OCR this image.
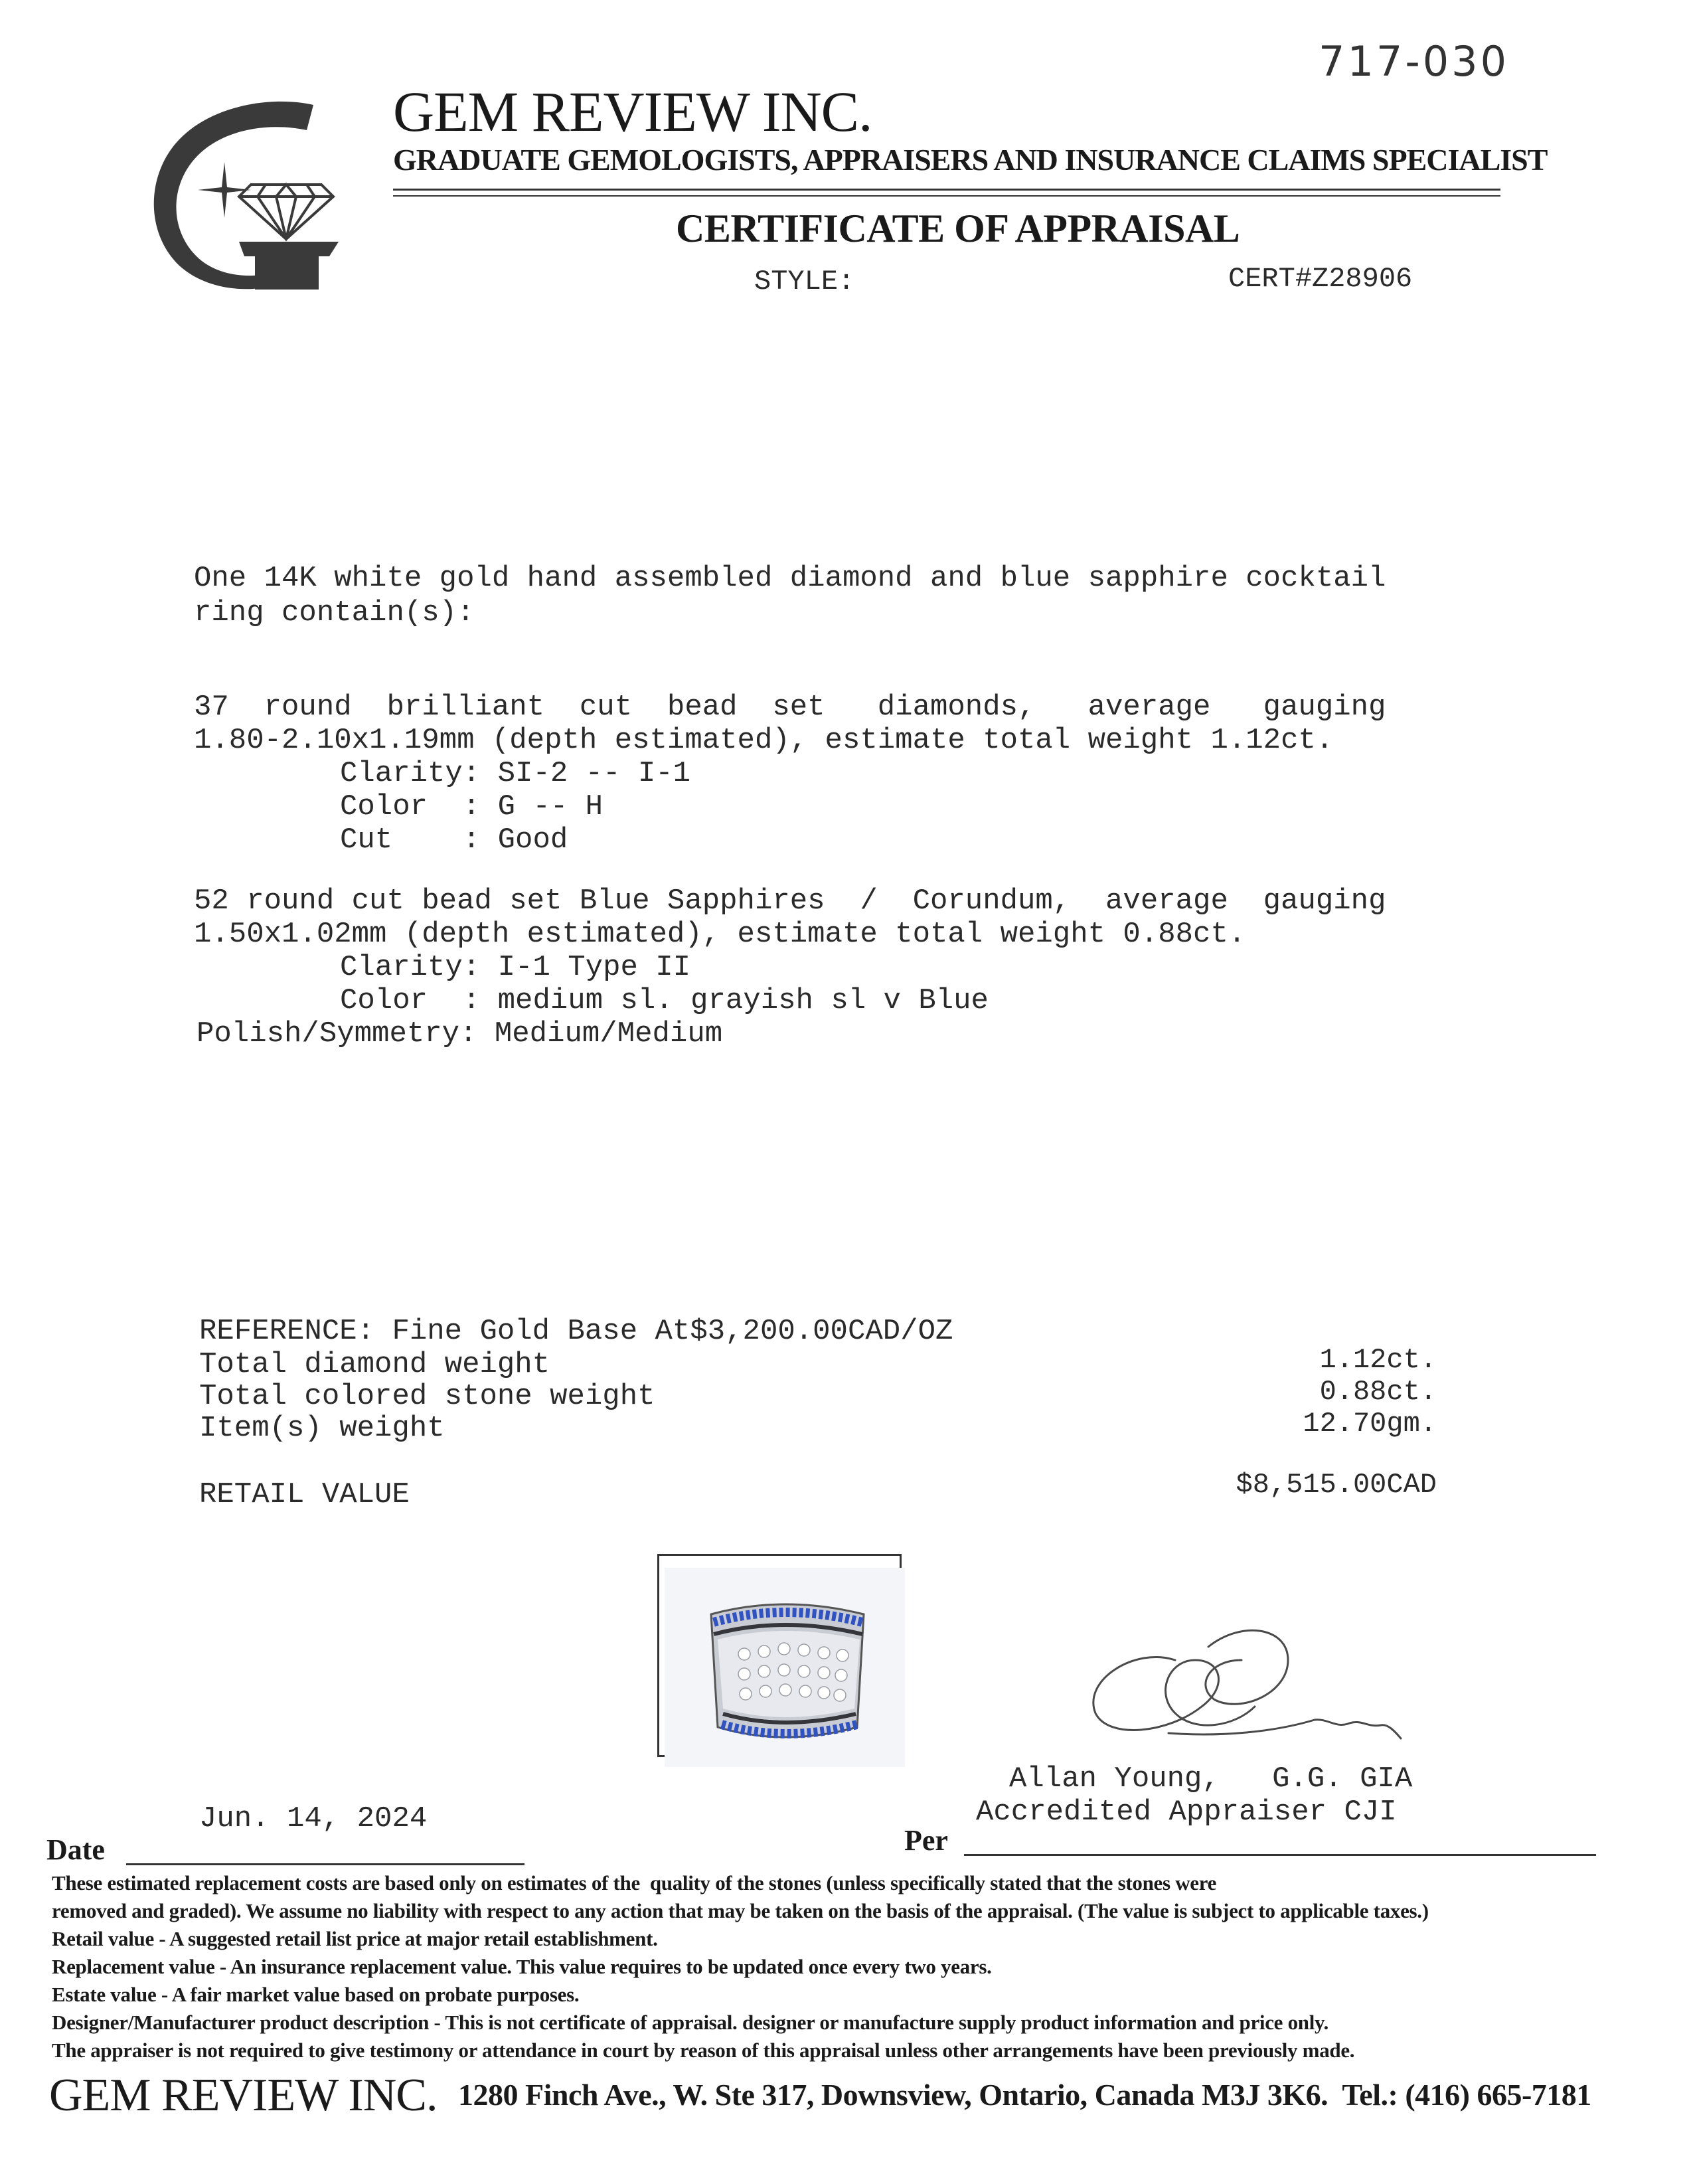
717-030
GEM REVIEW INC.
GRADUATE GEMOLOGISTS, APPRAISERS AND INSURANCE CLAIMS SPECIALIST
CERTIFICATE OF APPRAISAL
STYLE:	CERT#Z28906
One 14K white gold hand assembled diamond and blue sapphire cocktail
ring contain(s):
37  round  brilliant  cut  bead  set   diamonds,   average   gauging
1.80-2.10x1.19mm (depth estimated), estimate total weight 1.12ct.
Clarity: SI-2 -- I-1
Color  : G -- H
Cut    : Good
52 round cut bead set Blue Sapphires  /  Corundum,  average  gauging
1.50x1.02mm (depth estimated), estimate total weight 0.88ct.
Clarity: I-1 Type II
Color  : medium sl. grayish sl v Blue
Polish/Symmetry: Medium/Medium
REFERENCE: Fine Gold Base At$3,200.00CAD/OZ
Total diamond weight	1.12ct.
Total colored stone weight	0.88ct.
Item(s) weight	12.70gm.
RETAIL VALUE	$8,515.00CAD

Allan Young,   G.G. GIA
Accredited Appraiser CJI
Date
Jun. 14, 2024
Per
These estimated replacement costs are based only on estimates of the  quality of the stones (unless specifically stated that the stones were
removed and graded). We assume no liability with respect to any action that may be taken on the basis of the appraisal. (The value is subject to applicable taxes.)
Retail value - A suggested retail list price at major retail establishment.
Replacement value - An insurance replacement value. This value requires to be updated once every two years.
Estate value - A fair market value based on probate purposes.
Designer/Manufacturer product description - This is not certificate of appraisal. designer or manufacture supply product information and price only.
The appraiser is not required to give testimony or attendance in court by reason of this appraisal unless other arrangements have been previously made.
GEM REVIEW INC. 1280 Finch Ave., W. Ste 317, Downsview, Ontario, Canada M3J 3K6.  Tel.: (416) 665-7181
